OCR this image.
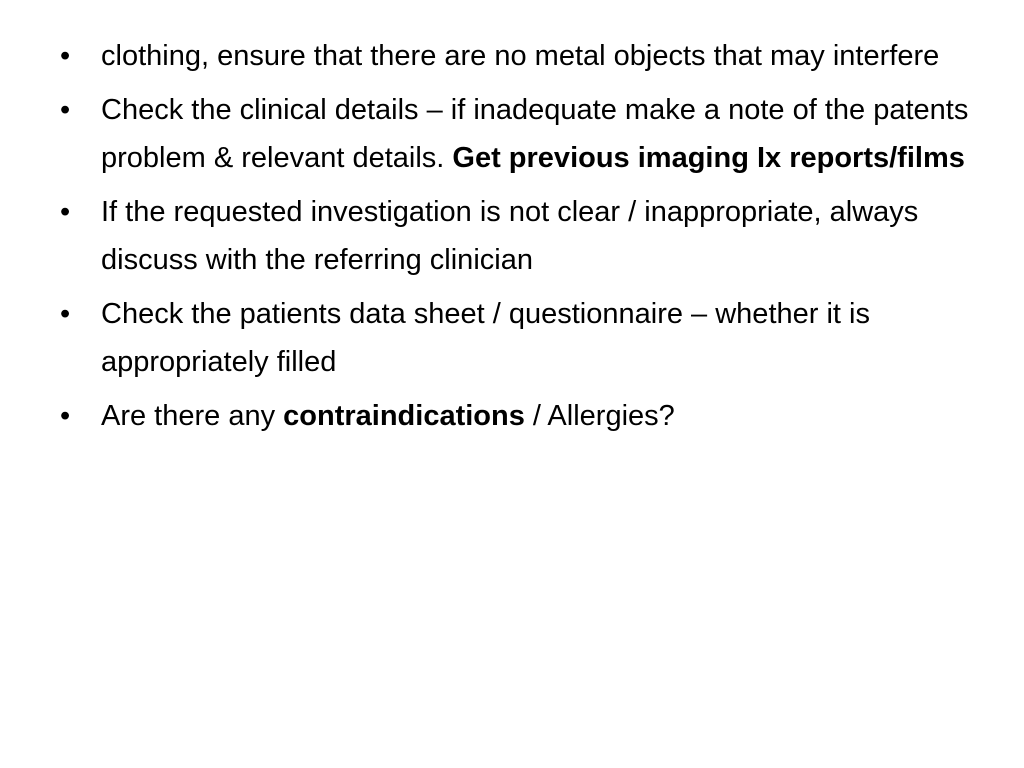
•	clothing, ensure that there are no metal objects that may interfere
•	Check the clinical details – if inadequate make a note of the patents problem & relevant details. Get previous imaging Ix reports/films
•	If the requested investigation is not clear / inappropriate, always discuss with the referring clinician
•	Check the patients data sheet / questionnaire – whether it is appropriately filled
•	Are there any contraindications / Allergies?
